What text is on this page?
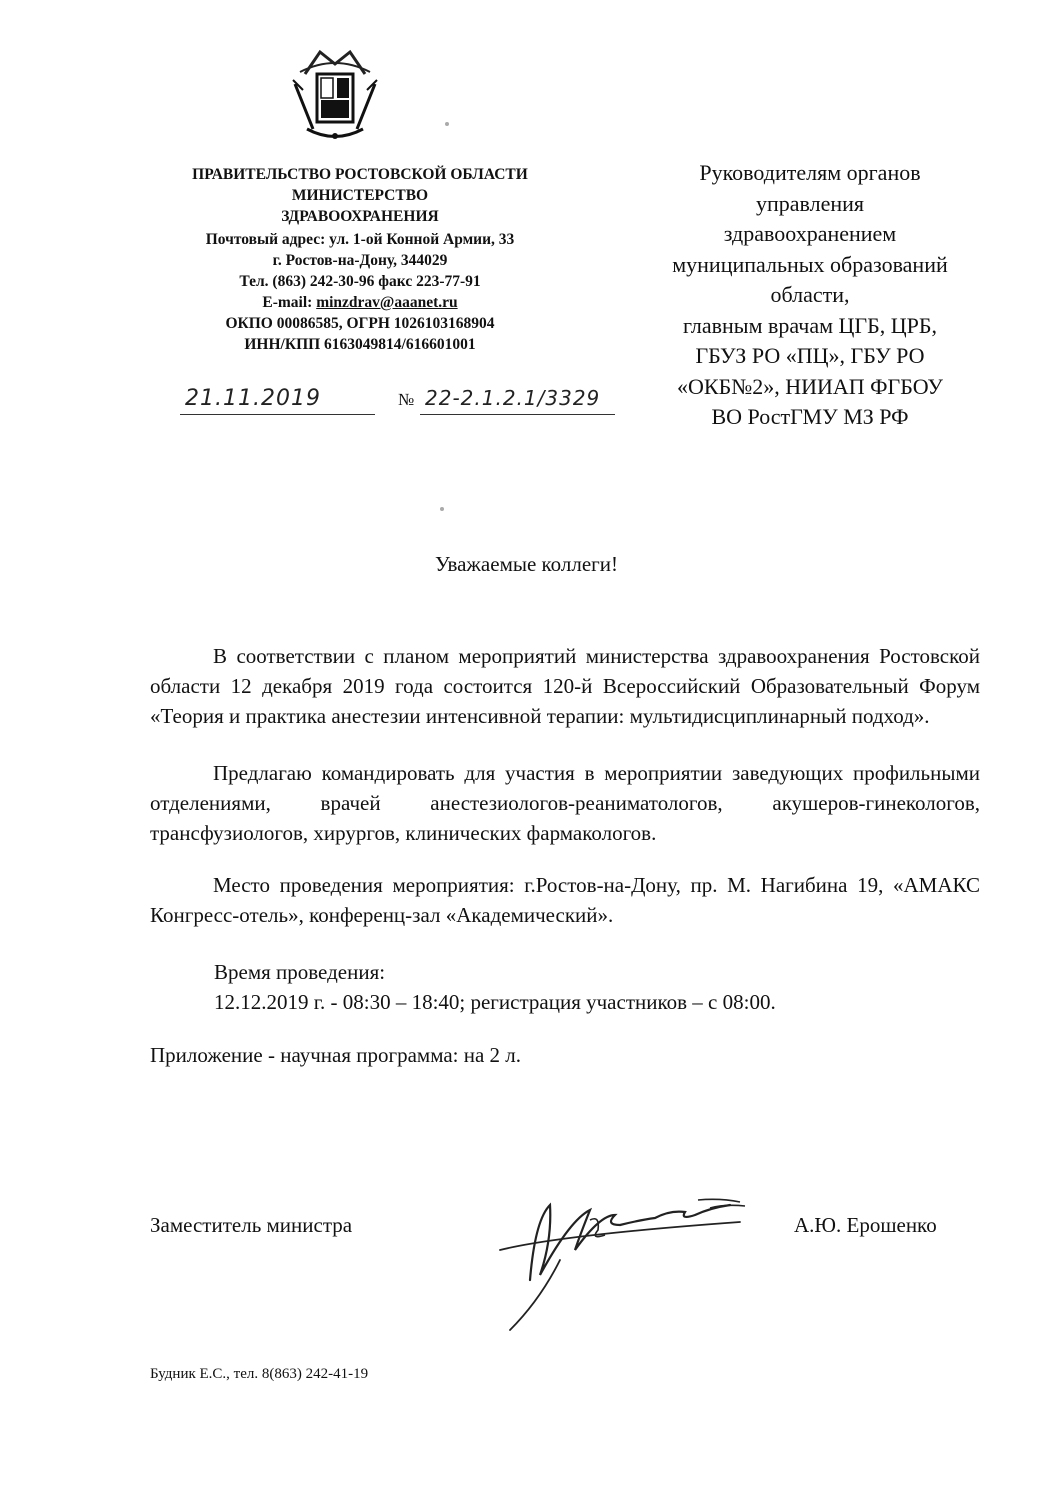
ПРАВИТЕЛЬСТВО РОСТОВСКОЙ ОБЛАСТИ
МИНИСТЕРСТВО
ЗДРАВООХРАНЕНИЯ
Почтовый адрес: ул. 1-ой Конной Армии, 33
г. Ростов-на-Дону, 344029
Тел. (863) 242-30-96 факс 223-77-91
E-mail: minzdrav@aaanet.ru
ОКПО 00086585, ОГРН 1026103168904
ИНН/КПП 6163049814/616601001
21.11.2019	№ 22-2.1.2.1/3329
Руководителям органов
управления
здравоохранением
муниципальных образований
области,
главным врачам ЦГБ, ЦРБ,
ГБУЗ РО «ПЦ», ГБУ РО
«ОКБ№2», НИИАП ФГБОУ
ВО РостГМУ МЗ РФ
Уважаемые коллеги!

В соответствии с планом мероприятий министерства здравоохранения Ростовской области 12 декабря 2019 года состоится 120-й Всероссийский Образовательный Форум «Теория и практика анестезии интенсивной терапии: мультидисциплинарный подход».

Предлагаю командировать для участия в мероприятии заведующих профильными отделениями, врачей анестезиологов-реаниматологов, акушеров-гинекологов, трансфузиологов, хирургов, клинических фармакологов.

Место проведения мероприятия: г.Ростов-на-Дону, пр. М. Нагибина 19, «АМАКС Конгресс-отель», конференц-зал «Академический».

Время проведения:
12.12.2019 г. - 08:30 – 18:40; регистрация участников – с 08:00.
Приложение - научная программа: на 2 л.
Заместитель министра	А.Ю. Ерошенко
Будник Е.С., тел. 8(863) 242-41-19
